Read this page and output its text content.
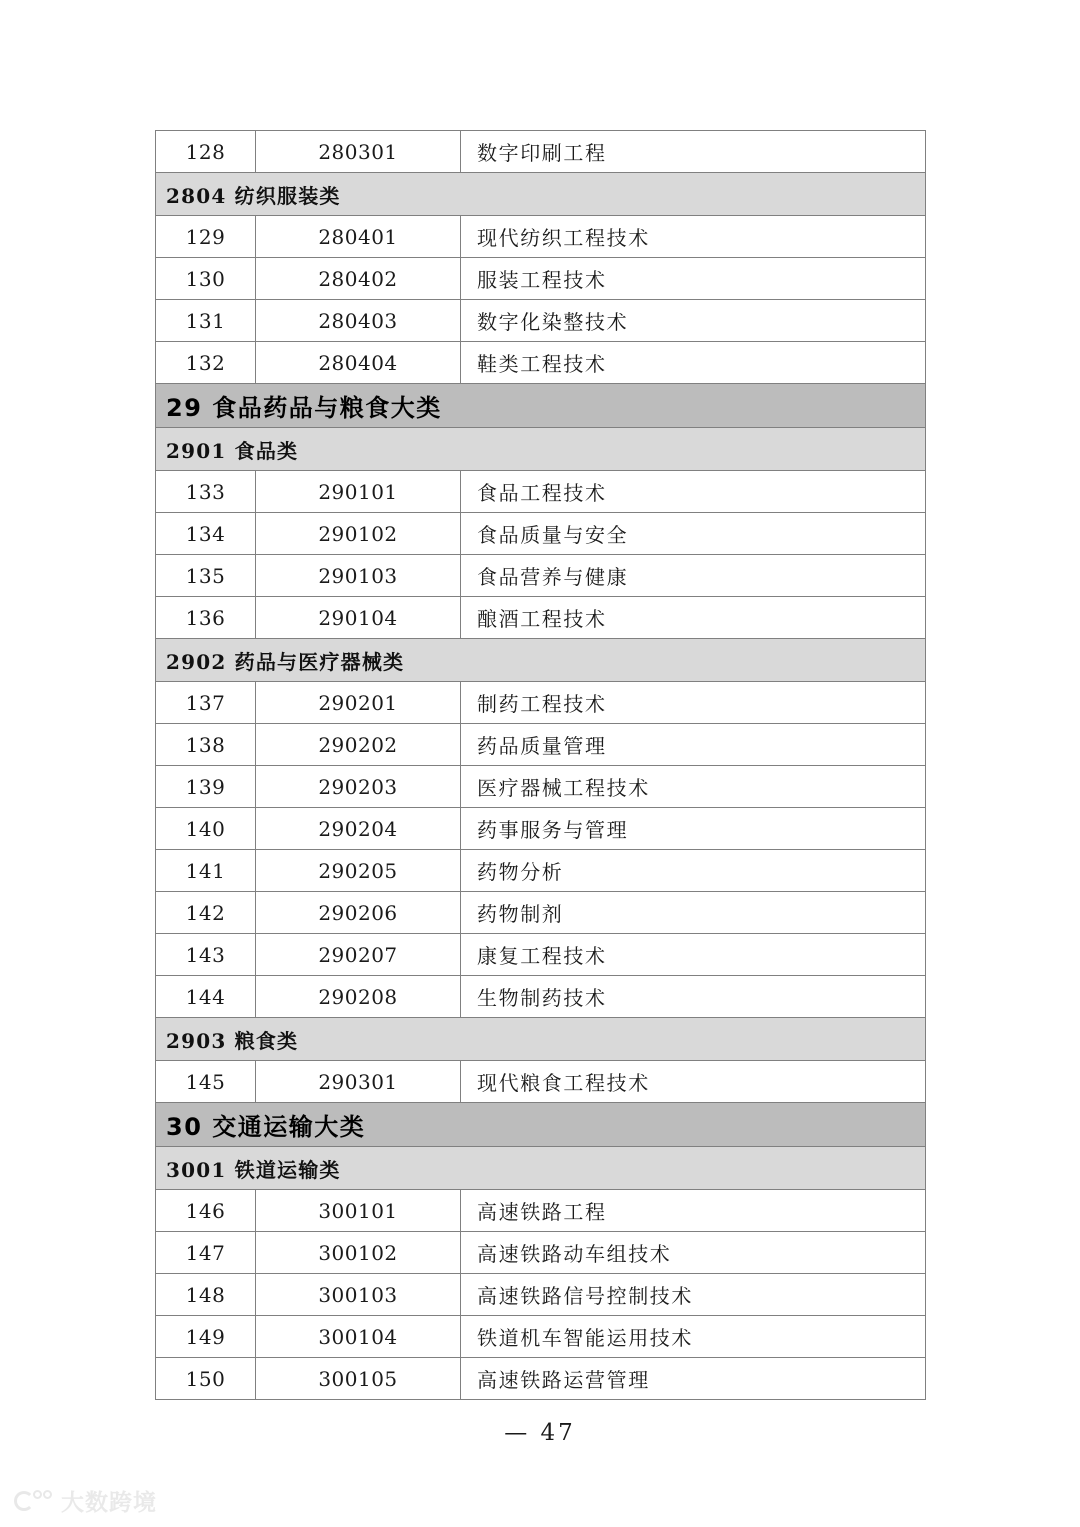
128	280301	数字印刷工程
2804 纺织服装类		
129	280401	现代纺织工程技术
130	280402	服装工程技术
131	280403	数字化染整技术
132	280404	鞋类工程技术
29 食品药品与粮食大类		
2901 食品类		
133	290101	食品工程技术
134	290102	食品质量与安全
135	290103	食品营养与健康
136	290104	酿酒工程技术
2902 药品与医疗器械类		
137	290201	制药工程技术
138	290202	药品质量管理
139	290203	医疗器械工程技术
140	290204	药事服务与管理
141	290205	药物分析
142	290206	药物制剂
143	290207	康复工程技术
144	290208	生物制药技术
2903 粮食类		
145	290301	现代粮食工程技术
30 交通运输大类		
3001 铁道运输类		
146	300101	高速铁路工程
147	300102	高速铁路动车组技术
148	300103	高速铁路信号控制技术
149	300104	铁道机车智能运用技术
150	300105	高速铁路运营管理
— 47
大数跨境
